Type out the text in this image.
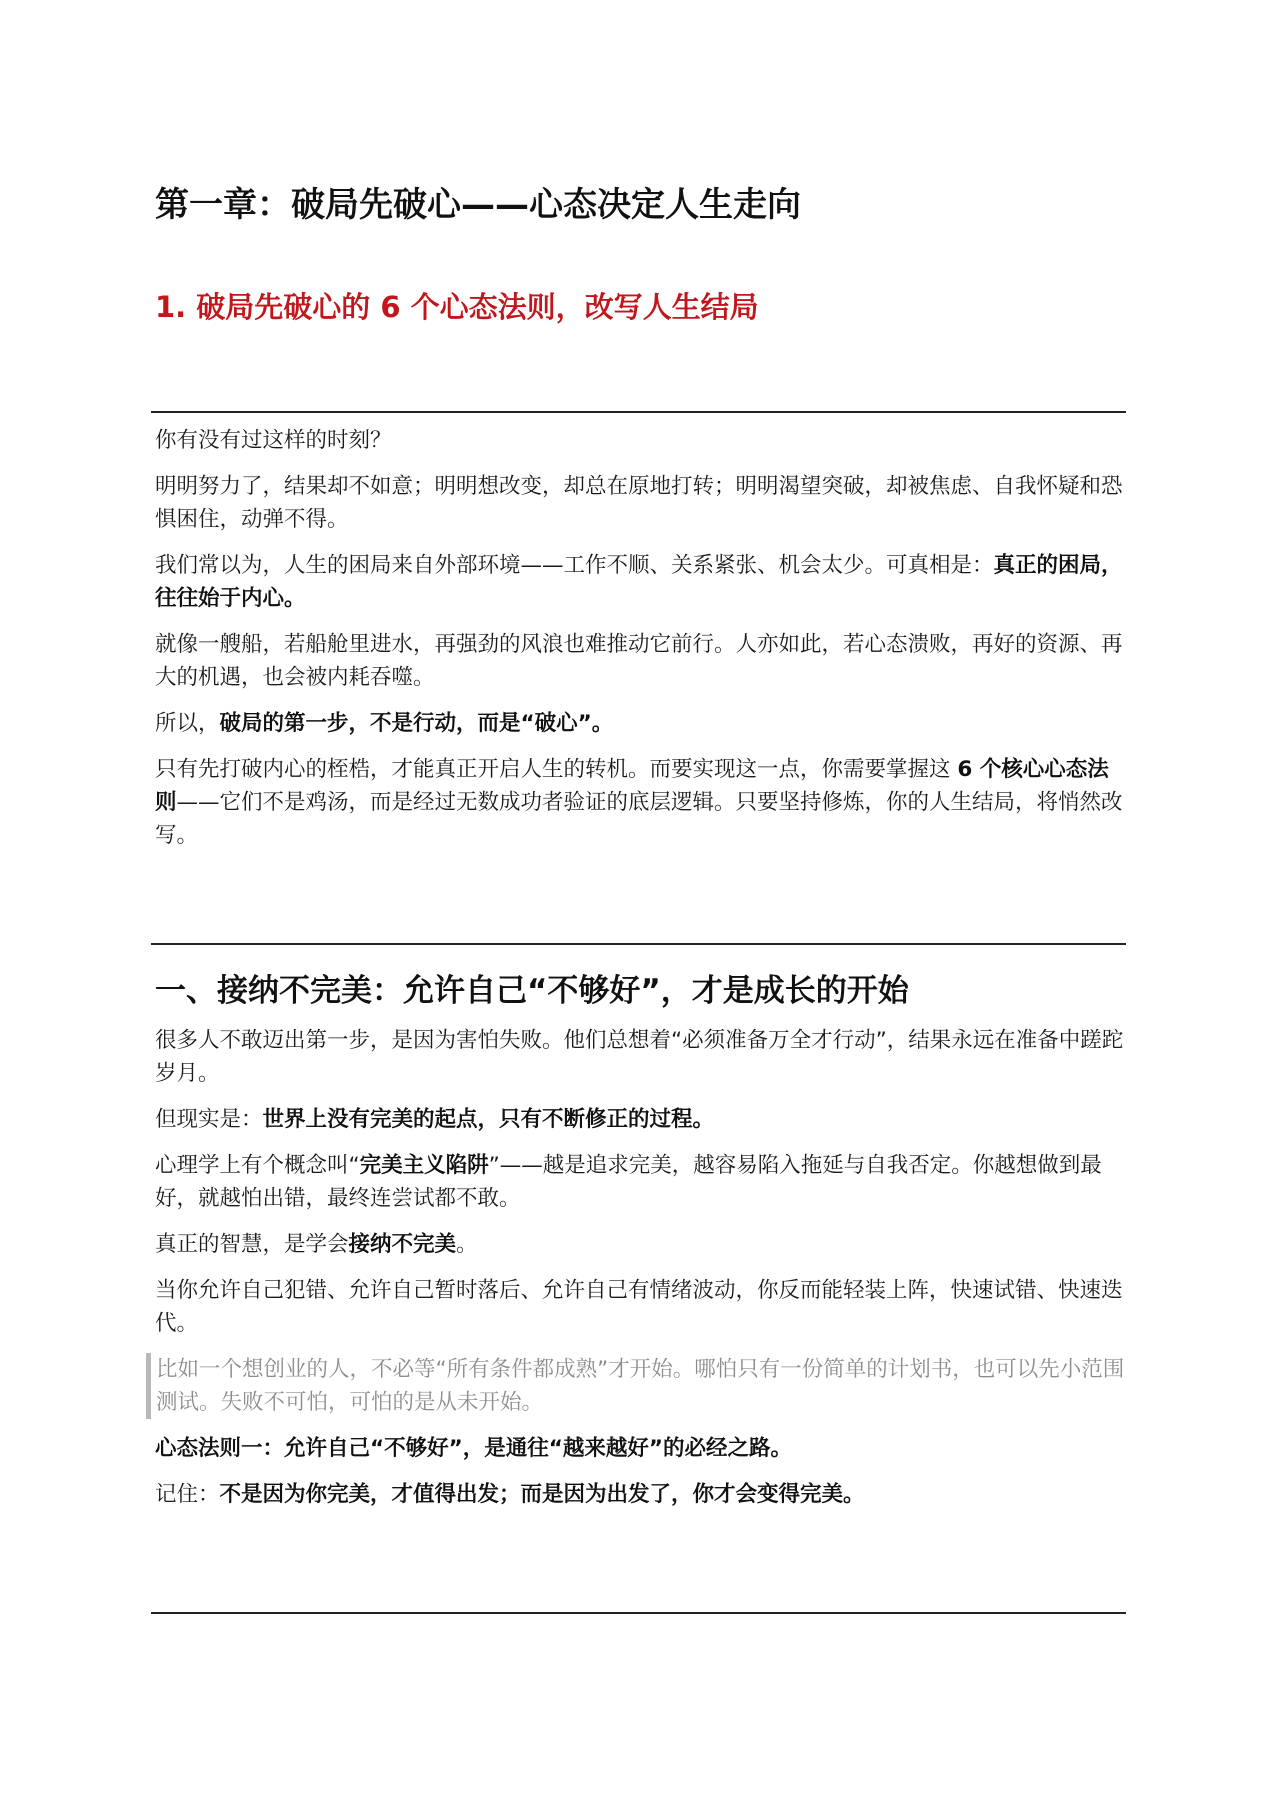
第一章：破局先破心——心态决定人生走向
1. 破局先破心的 6 个心态法则，改写人生结局

你有没有过这样的时刻？

明明努力了，结果却不如意；明明想改变，却总在原地打转；明明渴望突破，却被焦虑、自我怀疑和恐惧困住，动弹不得。

我们常以为，人生的困局来自外部环境——工作不顺、关系紧张、机会太少。可真相是：真正的困局，往往始于内心。

就像一艘船，若船舱里进水，再强劲的风浪也难推动它前行。人亦如此，若心态溃败，再好的资源、再大的机遇，也会被内耗吞噬。

所以，破局的第一步，不是行动，而是“破心”。

只有先打破内心的桎梏，才能真正开启人生的转机。而要实现这一点，你需要掌握这 6 个核心心态法则——它们不是鸡汤，而是经过无数成功者验证的底层逻辑。只要坚持修炼，你的人生结局，将悄然改写。

一、接纳不完美：允许自己“不够好”，才是成长的开始

很多人不敢迈出第一步，是因为害怕失败。他们总想着“必须准备万全才行动”，结果永远在准备中蹉跎岁月。

但现实是：世界上没有完美的起点，只有不断修正的过程。

心理学上有个概念叫“完美主义陷阱”——越是追求完美，越容易陷入拖延与自我否定。你越想做到最好，就越怕出错，最终连尝试都不敢。

真正的智慧，是学会接纳不完美。

当你允许自己犯错、允许自己暂时落后、允许自己有情绪波动，你反而能轻装上阵，快速试错、快速迭代。

比如一个想创业的人，不必等“所有条件都成熟”才开始。哪怕只有一份简单的计划书，也可以先小范围测试。失败不可怕，可怕的是从未开始。

心态法则一：允许自己“不够好”，是通往“越来越好”的必经之路。

记住：不是因为你完美，才值得出发；而是因为出发了，你才会变得完美。
